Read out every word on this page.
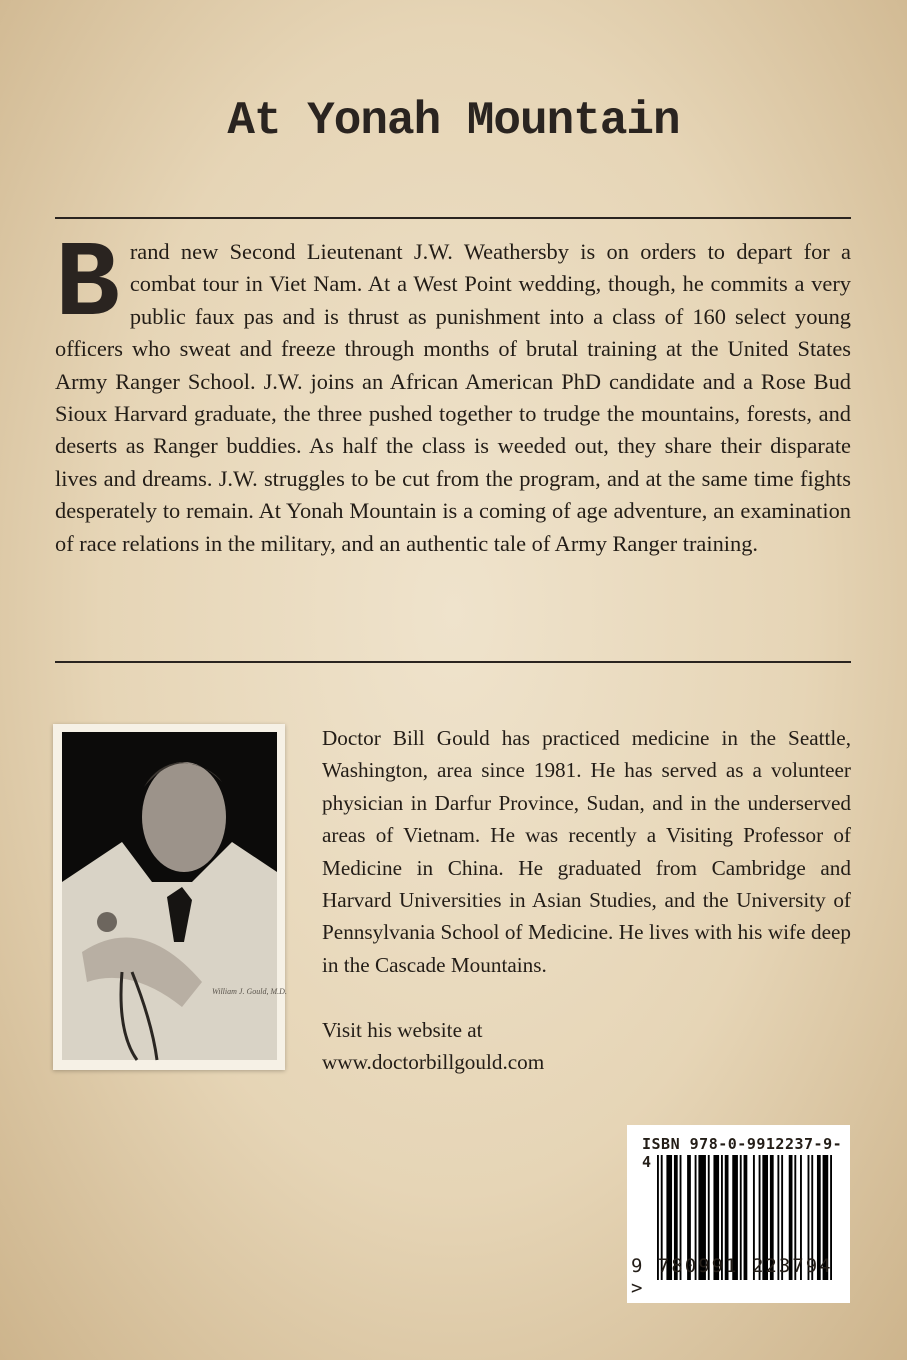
At Yonah Mountain
B rand new Second Lieutenant J.W. Weathersby is on orders to depart for a combat tour in Viet Nam. At a West Point wedding, though, he commits a very public faux pas and is thrust as punishment into a class of 160 select young officers who sweat and freeze through months of brutal training at the United States Army Ranger School. J.W. joins an African American PhD candidate and a Rose Bud Sioux Harvard graduate, the three pushed together to trudge the mountains, forests, and deserts as Ranger buddies. As half the class is weeded out, they share their disparate lives and dreams. J.W. struggles to be cut from the program, and at the same time fights desperately to remain. At Yonah Mountain is a coming of age adventure, an examination of race relations in the military, and an authentic tale of Army Ranger training.
William J. Gould, M.D.
Doctor Bill Gould has practiced medicine in the Seattle, Washington, area since 1981. He has served as a volunteer physician in Darfur Province, Sudan, and in the underserved areas of Vietnam. He was recently a Visiting Professor of Medicine in China. He graduated from Cambridge and Harvard Universities in Asian Studies, and the University of Pennsylvania School of Medicine. He lives with his wife deep in the Cascade Mountains.
Visit his website at
www.doctorbillgould.com
ISBN 978-0-9912237-9-4
9 780991 223794 >
